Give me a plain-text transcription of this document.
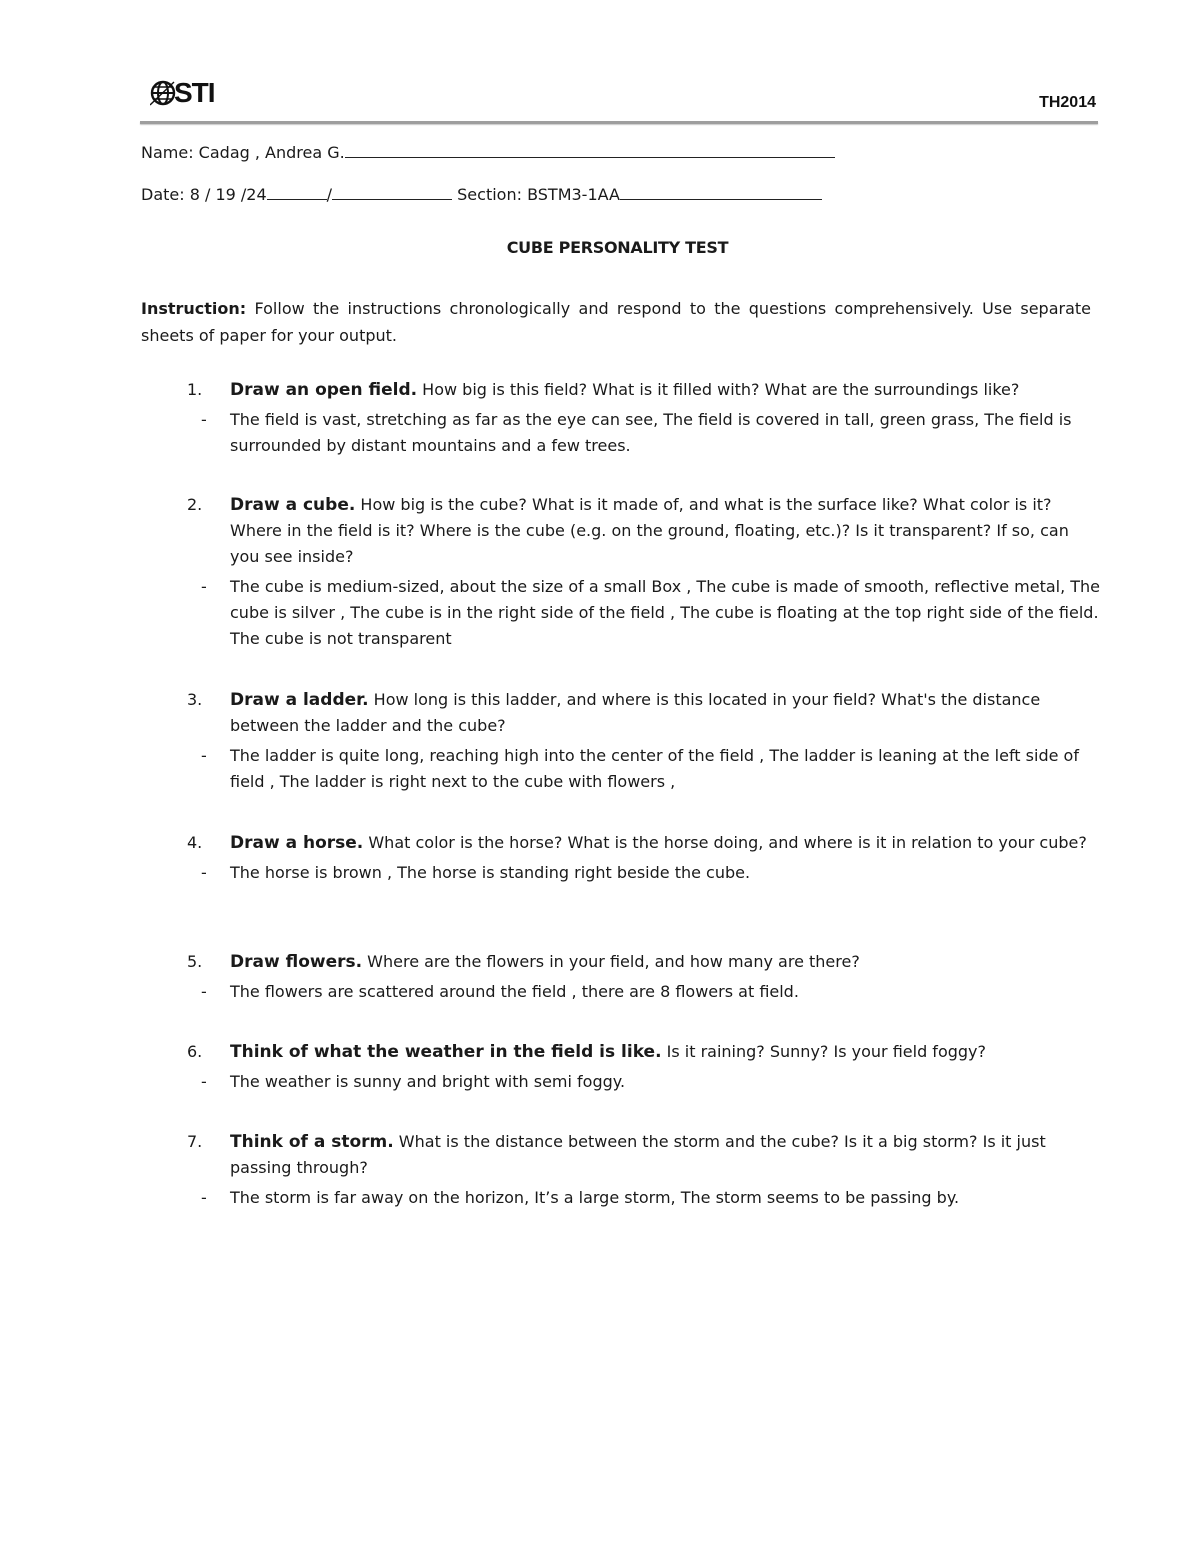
STI	TH2014
Name: Cadag , Andrea G.
Date: 8 / 19 /24	/	Section: BSTM3-1AA
CUBE PERSONALITY TEST
Instruction: Follow the instructions chronologically and respond to the questions comprehensively. Use separate sheets of paper for your output.
1.	Draw an open field. How big is this field? What is it filled with? What are the surroundings like?
-	The field is vast, stretching as far as the eye can see, The field is covered in tall, green grass, The field is surrounded by distant mountains and a few trees.
2.	Draw a cube. How big is the cube? What is it made of, and what is the surface like? What color is it? Where in the field is it? Where is the cube (e.g. on the ground, floating, etc.)? Is it transparent? If so, can you see inside?
-	The cube is medium-sized, about the size of a small Box , The cube is made of smooth, reflective metal, The cube is silver , The cube is in the right side of the field , The cube is floating at the top right side of the field. The cube is not transparent
3.	Draw a ladder. How long is this ladder, and where is this located in your field? What's the distance between the ladder and the cube?
-	The ladder is quite long, reaching high into the center of the field , The ladder is leaning at the left side of field , The ladder is right next to the cube with flowers ,
4.	Draw a horse. What color is the horse? What is the horse doing, and where is it in relation to your cube?
-	The horse is brown , The horse is standing right beside the cube.
5.	Draw flowers. Where are the flowers in your field, and how many are there?
-	The flowers are scattered around the field , there are 8 flowers at field.
6.	Think of what the weather in the field is like. Is it raining? Sunny? Is your field foggy?
-	The weather is sunny and bright with semi foggy.
7.	Think of a storm. What is the distance between the storm and the cube? Is it a big storm? Is it just passing through?
-	The storm is far away on the horizon, It’s a large storm, The storm seems to be passing by.
